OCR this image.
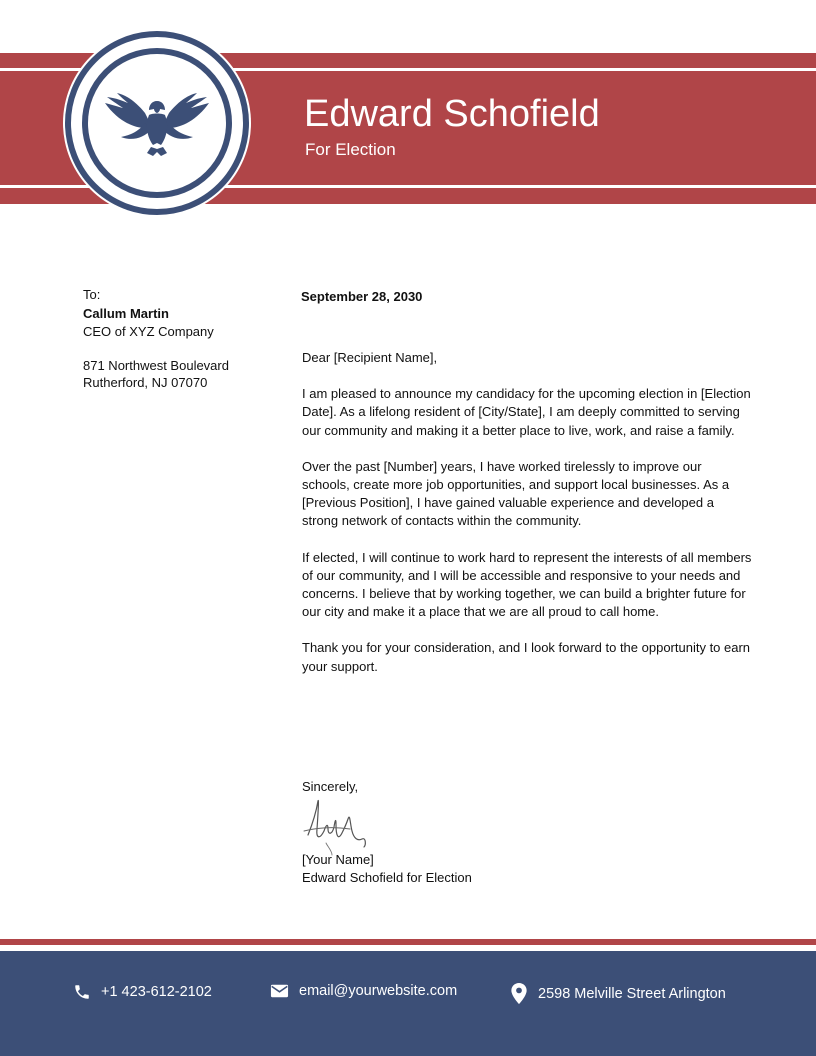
Edward Schofield
For Election
To:
Callum Martin
CEO of XYZ Company
871 Northwest Boulevard
Rutherford, NJ 07070
September 28, 2030

Dear [Recipient Name],

I am pleased to announce my candidacy for the upcoming election in [Election Date]. As a lifelong resident of [City/State], I am deeply committed to serving our community and making it a better place to live, work, and raise a family.

Over the past [Number] years, I have worked tirelessly to improve our schools, create more job opportunities, and support local businesses. As a [Previous Position], I have gained valuable experience and developed a strong network of contacts within the community.

If elected, I will continue to work hard to represent the interests of all members of our community, and I will be accessible and responsive to your needs and concerns. I believe that by working together, we can build a brighter future for our city and make it a place that we are all proud to call home.

Thank you for your consideration, and I look forward to the opportunity to earn your support.

Sincerely,
[Your Name]
Edward Schofield for Election
+1 423-612-2102	email@yourwebsite.com	2598 Melville Street Arlington
